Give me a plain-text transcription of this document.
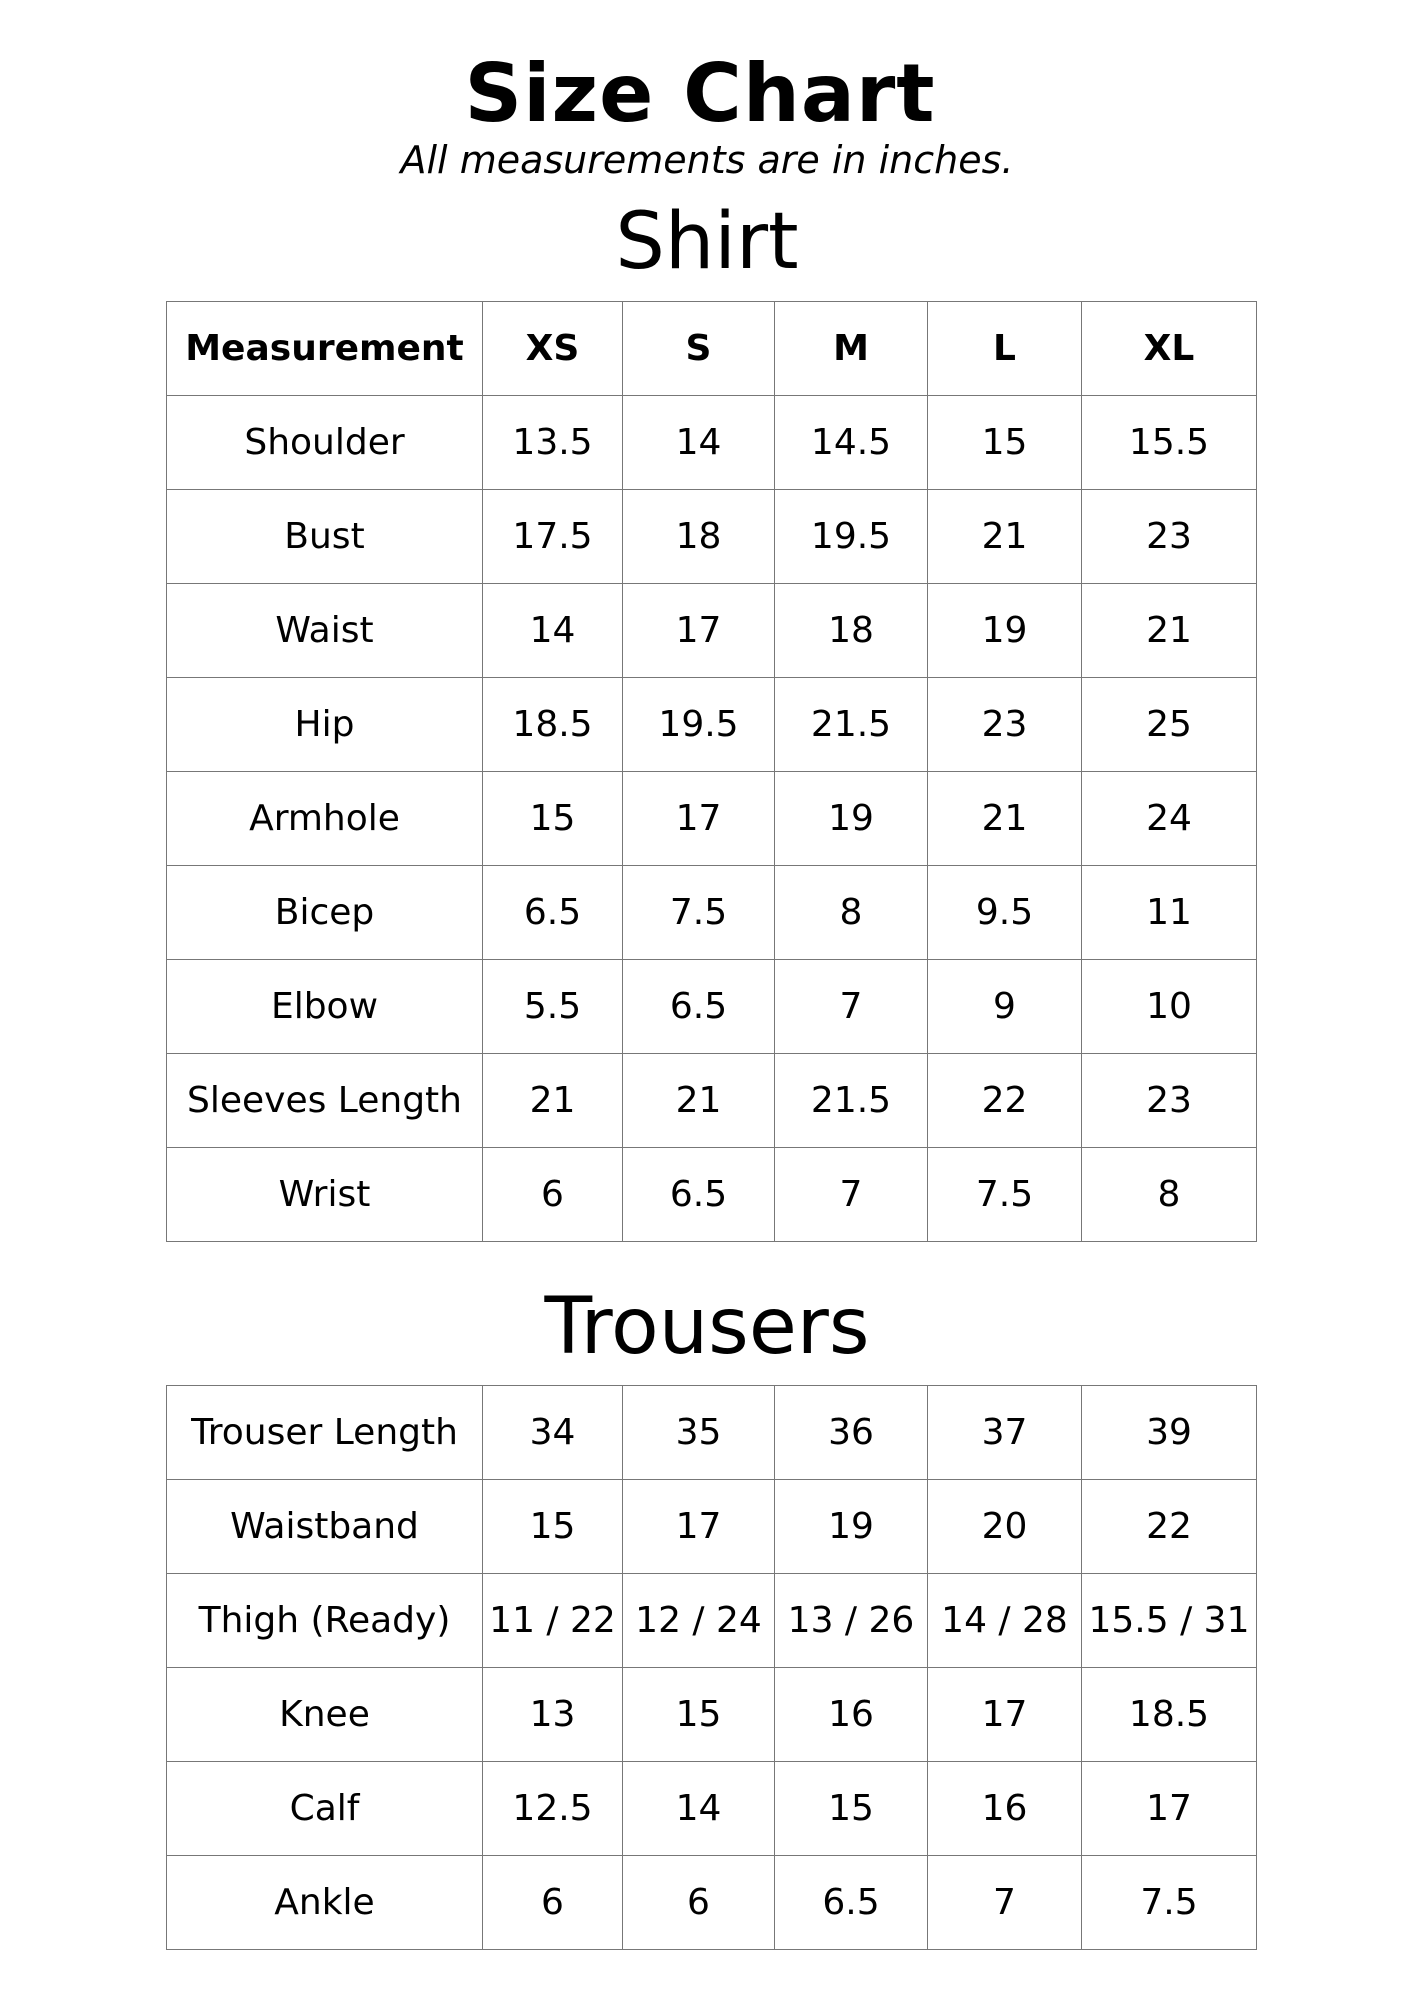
Size Chart
All measurements are in inches.
Shirt
Measurement	XS	S	M	L	XL
Shoulder	13.5	14	14.5	15	15.5
Bust	17.5	18	19.5	21	23
Waist	14	17	18	19	21
Hip	18.5	19.5	21.5	23	25
Armhole	15	17	19	21	24
Bicep	6.5	7.5	8	9.5	11
Elbow	5.5	6.5	7	9	10
Sleeves Length	21	21	21.5	22	23
Wrist	6	6.5	7	7.5	8
Trousers
Trouser Length	34	35	36	37	39
Waistband	15	17	19	20	22
Thigh (Ready)	11 / 22	12 / 24	13 / 26	14 / 28	15.5 / 31
Knee	13	15	16	17	18.5
Calf	12.5	14	15	16	17
Ankle	6	6	6.5	7	7.5
